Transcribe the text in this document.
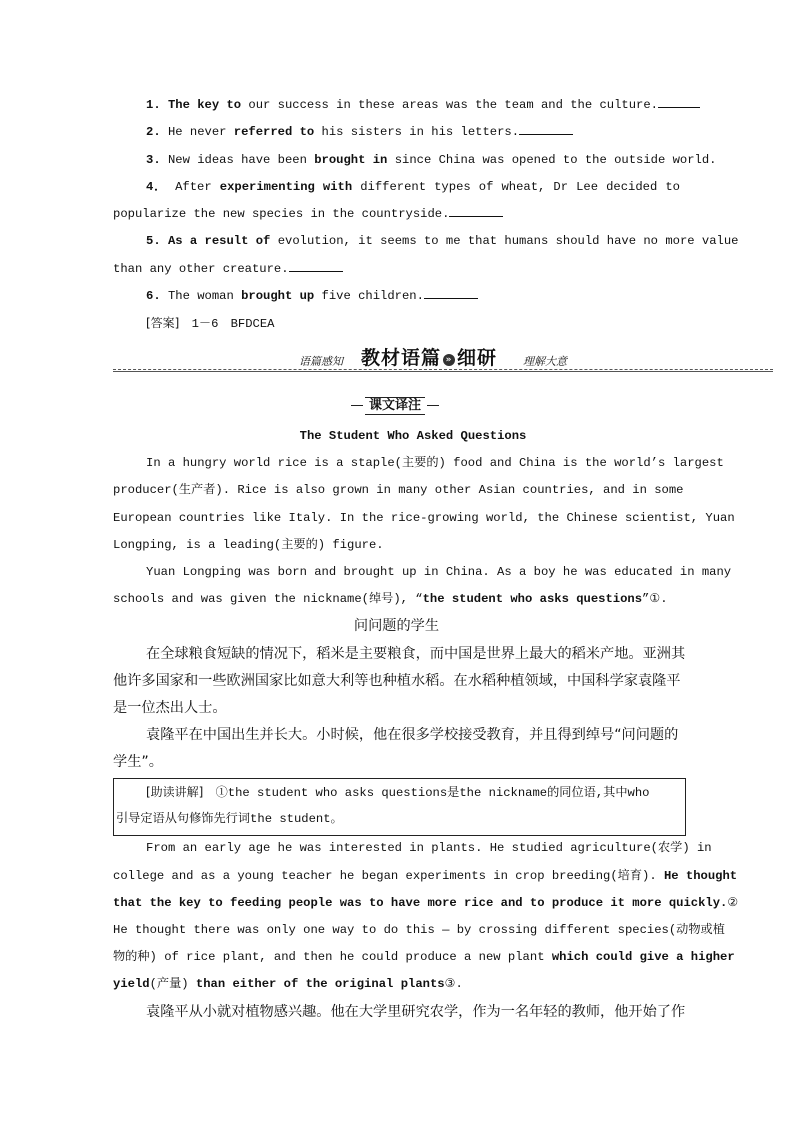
1. The key to our success in these areas was the team and the culture.
2. He never referred to his sisters in his letters.
3. New ideas have been brought in since China was opened to the outside world.
4． After experimenting with different types of wheat, Dr Lee decided to
popularize the new species in the countryside.
5. As a result of evolution, it seems to me that humans should have no more value
than any other creature.
6. The woman brought up five children.
[答案]　 1－6　BFDCEA
语篇感知 教材语篇 » 细研 理解大意
课文译注
The Student Who Asked Questions
In a hungry world rice is a staple(主要的) food and China is the world’s largest
producer(生产者). Rice is also grown in many other Asian countries, and in some
European countries like Italy. In the rice-growing world, the Chinese scientist, Yuan
Longping, is a leading(主要的) figure.
Yuan Longping was born and brought up in China. As a boy he was educated in many
schools and was given the nickname(绰号), “the student who asks questions”①.
问问题的学生
在全球粮食短缺的情况下，稻米是主要粮食，而中国是世界上最大的稻米产地。亚洲其
他许多国家和一些欧洲国家比如意大利等也种植水稻。在水稻种植领域，中国科学家袁隆平
是一位杰出人士。
袁隆平在中国出生并长大。小时候，他在很多学校接受教育，并且得到绰号“问问题的
学生”。
[助读讲解]　 ①the student who asks questions是the nickname的同位语,其中who
引导定语从句修饰先行词the student。
From an early age he was interested in plants. He studied agriculture(农学) in
college and as a young teacher he began experiments in crop breeding(培育). He thought
that the key to feeding people was to have more rice and to produce it more quickly.②
He thought there was only one way to do this — by crossing different species(动物或植
物的种) of rice plant, and then he could produce a new plant which could give a higher
yield(产量) than either of the original plants③.
袁隆平从小就对植物感兴趣。他在大学里研究农学，作为一名年轻的教师，他开始了作
